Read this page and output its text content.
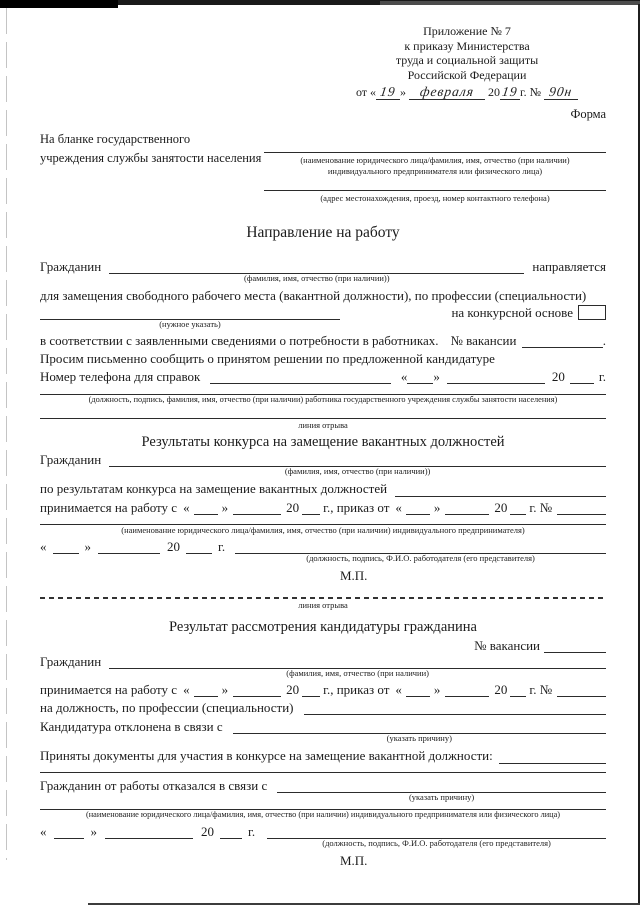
Приложение № 7
к приказу Министерства
труда и социальной защиты
Российской Федерации
от « 19 » февраля 2019г. № 90н
Форма
На бланке государственного
учреждения службы занятости населения	(наименование юридического лица/фамилия, имя, отчество (при наличии)
индивидуального предпринимателя или физического лица)
(адрес местонахождения, проезд, номер контактного телефона)
Направление на работу
Гражданин
(фамилия, имя, отчество (при наличии))
направляется
для замещения свободного рабочего места (вакантной должности), по профессии (специальности)
(нужное указать)
на конкурсной основе
в соответствии с заявленными сведениями о потребности в работниках. № вакансии	.
Просим письменно сообщить о принятом решении по предложенной кандидатуре
Номер телефона для справок	« »	20	г.
(должность, подпись, фамилия, имя, отчество (при наличии) работника государственного учреждения службы занятости населения)
линия отрыва
Результаты конкурса на замещение вакантных должностей
Гражданин
(фамилия, имя, отчество (при наличии))
по результатам конкурса на замещение вакантных должностей
принимается на работу с « »	20 г., приказ от « »	20 г. №
(наименование юридического лица/фамилия, имя, отчество (при наличии) индивидуального предпринимателя)
«	»	20	г.
(должность, подпись, Ф.И.О. работодателя (его представителя)
М.П.
линия отрыва
Результат рассмотрения кандидатуры гражданина
№ вакансии
Гражданин
(фамилия, имя, отчество (при наличии)
принимается на работу с « »	20 г., приказ от « »	20 г. №
на должность, по профессии (специальности)
Кандидатура отклонена в связи с
(указать причину)
Приняты документы для участия в конкурсе на замещение вакантной должности:
Гражданин от работы отказался в связи с
(указать причину)
(наименование юридического лица/фамилия, имя, отчество (при наличии) индивидуального предпринимателя или физического лица)
«	»	20	г.
(должность, подпись, Ф.И.О. работодателя (его представителя)
М.П.
